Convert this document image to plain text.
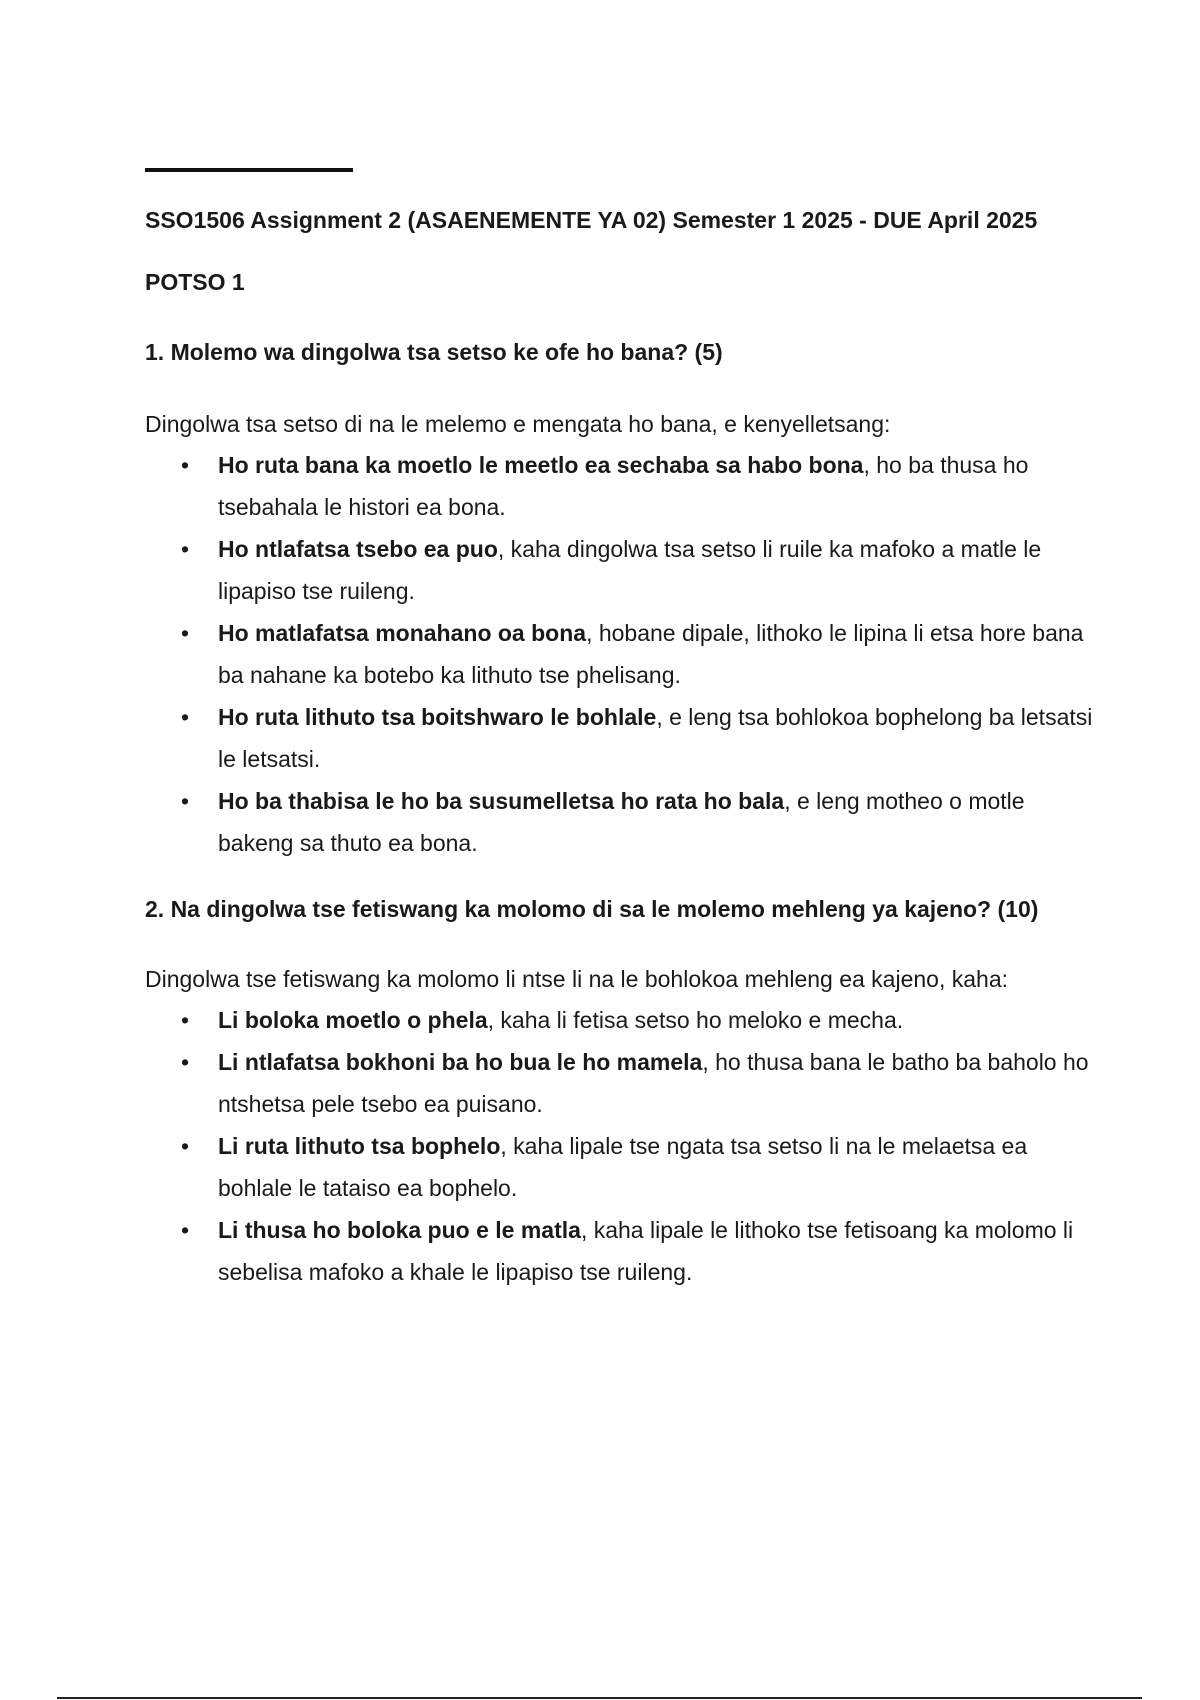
SSO1506 Assignment 2 (ASAENEMENTE YA 02) Semester 1 2025 - DUE April 2025

POTSO 1

1. Molemo wa dingolwa tsa setso ke ofe ho bana? (5)

Dingolwa tsa setso di na le melemo e mengata ho bana, e kenyelletsang:

• Ho ruta bana ka moetlo le meetlo ea sechaba sa habo bona, ho ba thusa ho tsebahala le histori ea bona.
• Ho ntlafatsa tsebo ea puo, kaha dingolwa tsa setso li ruile ka mafoko a matle le lipapiso tse ruileng.
• Ho matlafatsa monahano oa bona, hobane dipale, lithoko le lipina li etsa hore bana ba nahane ka botebo ka lithuto tse phelisang.
• Ho ruta lithuto tsa boitshwaro le bohlale, e leng tsa bohlokoa bophelong ba letsatsi le letsatsi.
• Ho ba thabisa le ho ba susumelletsa ho rata ho bala, e leng motheo o motle bakeng sa thuto ea bona.

2. Na dingolwa tse fetiswang ka molomo di sa le molemo mehleng ya kajeno? (10)

Dingolwa tse fetiswang ka molomo li ntse li na le bohlokoa mehleng ea kajeno, kaha:

• Li boloka moetlo o phela, kaha li fetisa setso ho meloko e mecha.
• Li ntlafatsa bokhoni ba ho bua le ho mamela, ho thusa bana le batho ba baholo ho ntshetsa pele tsebo ea puisano.
• Li ruta lithuto tsa bophelo, kaha lipale tse ngata tsa setso li na le melaetsa ea bohlale le tataiso ea bophelo.
• Li thusa ho boloka puo e le matla, kaha lipale le lithoko tse fetisoang ka molomo li sebelisa mafoko a khale le lipapiso tse ruileng.
